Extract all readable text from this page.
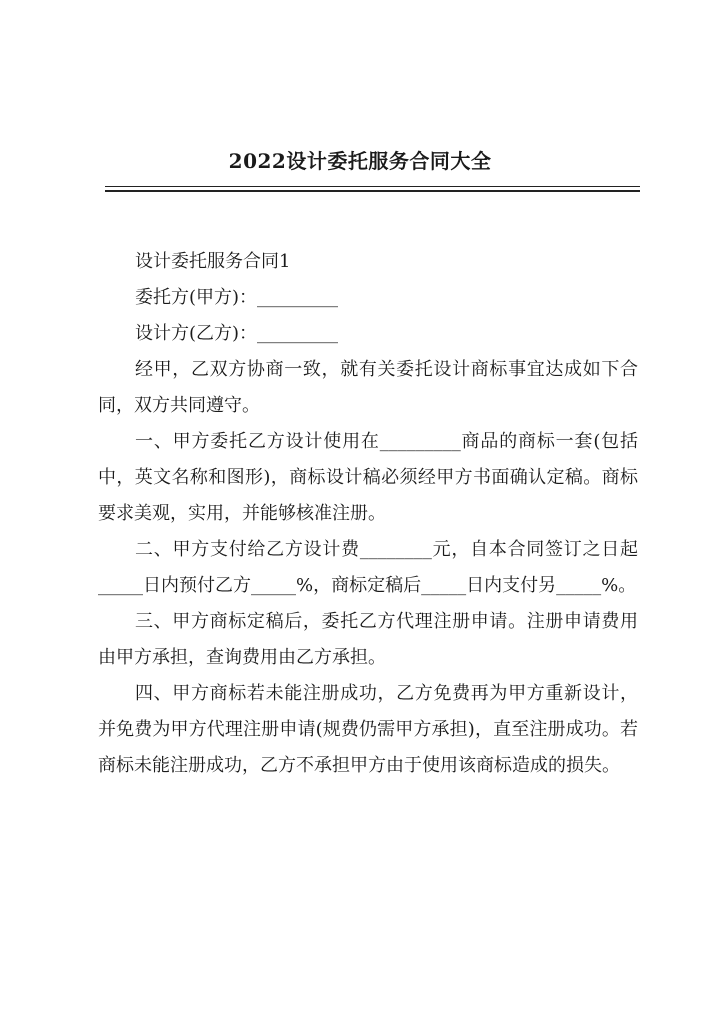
2022设计委托服务合同大全

设计委托服务合同1

委托方(甲方)：_________

设计方(乙方)：_________

经甲，乙双方协商一致，就有关委托设计商标事宜达成如下合同，双方共同遵守。

一、甲方委托乙方设计使用在_________商品的商标一套(包括中，英文名称和图形)，商标设计稿必须经甲方书面确认定稿。商标要求美观，实用，并能够核准注册。

二、甲方支付给乙方设计费________元，自本合同签订之日起_____日内预付乙方_____%，商标定稿后_____日内支付另_____%。

三、甲方商标定稿后，委托乙方代理注册申请。注册申请费用由甲方承担，查询费用由乙方承担。

四、甲方商标若未能注册成功，乙方免费再为甲方重新设计，并免费为甲方代理注册申请(规费仍需甲方承担)，直至注册成功。若商标未能注册成功，乙方不承担甲方由于使用该商标造成的损失。
